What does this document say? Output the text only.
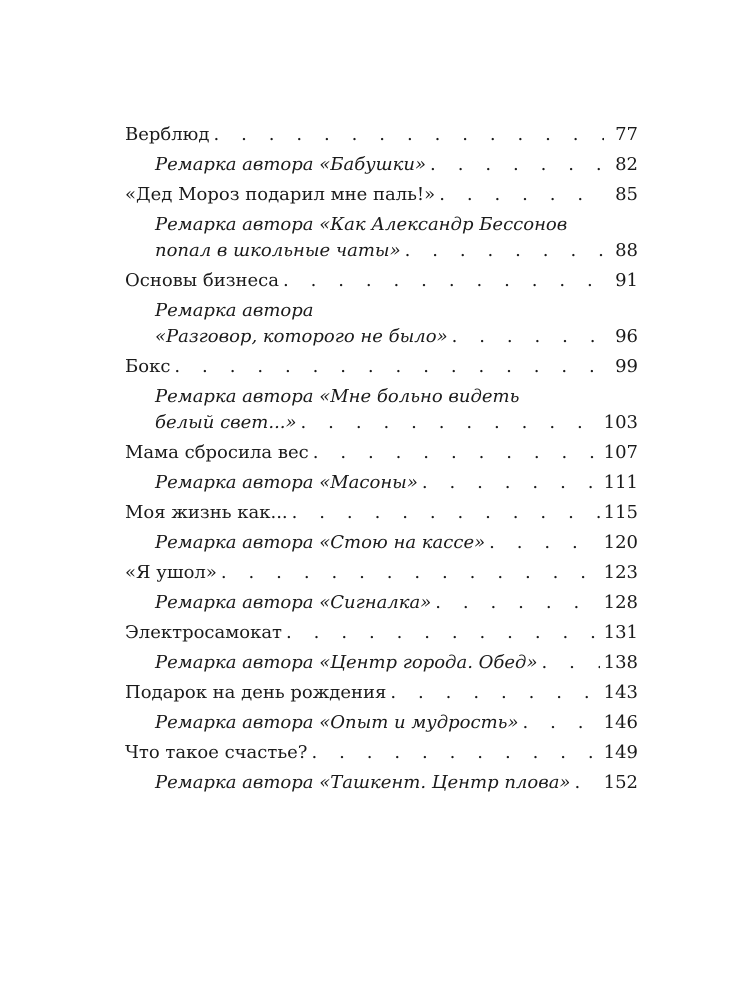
Верблюд . . .	77
Ремарка автора «Бабушки» . . .	82
«Дед Мороз подарил мне паль!» . . .	85
Ремарка автора «Как Александр Бессонов
попал в школьные чаты» . . .	88
Основы бизнеса . . .	91
Ремарка автора
«Разговор, которого не было» . . .	96
Бокс . . .	99
Ремарка автора «Мне больно видеть
белый свет...» . . .	103
Мама сбросила вес . . .	107
Ремарка автора «Масоны» . . .	111
Моя жизнь как... . . .	115
Ремарка автора «Стою на кассе» . . .	120
«Я ушол» . . .	123
Ремарка автора «Сигналка» . . .	128
Электросамокат . . .	131
Ремарка автора «Центр города. Обед» . . .	138
Подарок на день рождения . . .	143
Ремарка автора «Опыт и мудрость» . . .	146
Что такое счастье? . . .	149
Ремарка автора «Ташкент. Центр плова» . . . 152
